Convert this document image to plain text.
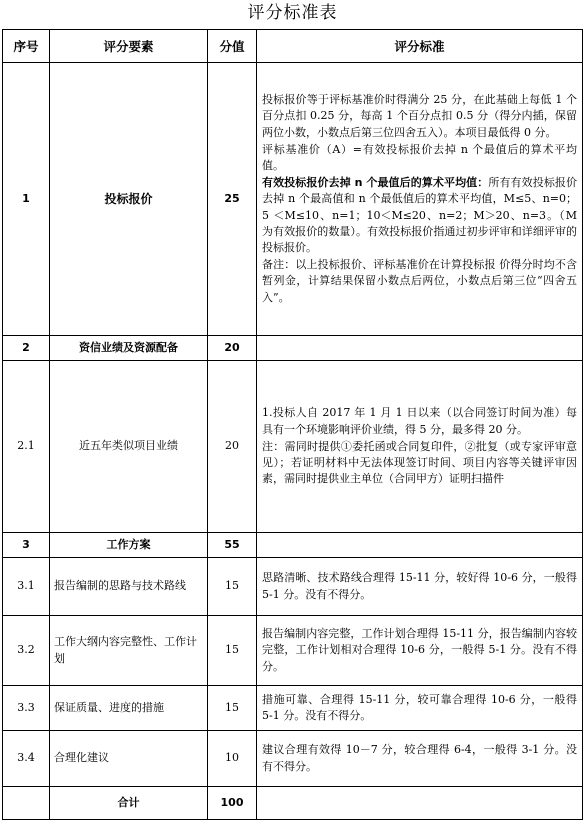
评分标准表
序号	评分要素	分值	评分标准
1	投标报价	25	投标报价等于评标基准价时得满分 25 分，在此基础上每低 1 个百分点扣 0.25 分，每高 1 个百分点扣 0.5 分（得分内插，保留两位小数，小数点后第三位四舍五入）。本项目最低得 0 分。

评标基准价（A）=有效投标报价去掉 n 个最值后的算术平均值。

有效投标报价去掉 n 个最值后的算术平均值：所有有效投标报价去掉 n 个最高值和 n 个最低值后的算术平均值，M≤5、n=0；5 ＜M≤10、n=1；10＜M≤20、n=2；M＞20、n=3。（M 为有效报价的数量）。有效投标报价指通过初步评审和详细评审的投标报价。

备注：以上投标报价、评标基准价在计算投标报 价得分时均不含暂列金，计算结果保留小数点后两位，小数点后第三位“四舍五入”。

2	资信业绩及资源配备	20	
2.1	近五年类似项目业绩	20	1.投标人自 2017 年 1 月 1 日以来（以合同签订时间为准）每具有一个环境影响评价业绩，得 5 分，最多得 20 分。

注：需同时提供①委托函或合同复印件，②批复（或专家评审意见）；若证明材料中无法体现签订时间、项目内容等关键评审因素，需同时提供业主单位（合同甲方）证明扫描件

3	工作方案	55	
3.1	报告编制的思路与技术路线	15	思路清晰、技术路线合理得 15-11 分，较好得 10-6 分，一般得 5-1 分。没有不得分。
3.2	工作大纲内容完整性、工作计划	15	报告编制内容完整，工作计划合理得 15-11 分，报告编制内容较完整，工作计划相对合理得 10-6 分，一般得 5-1 分。没有不得分。
3.3	保证质量、进度的措施	15	措施可靠、合理得 15-11 分，较可靠合理得 10-6 分，一般得 5-1 分。没有不得分。
3.4	合理化建议	10	建议合理有效得 10－7 分，较合理得 6-4，一般得 3-1 分。没有不得分。
	合计	100	
